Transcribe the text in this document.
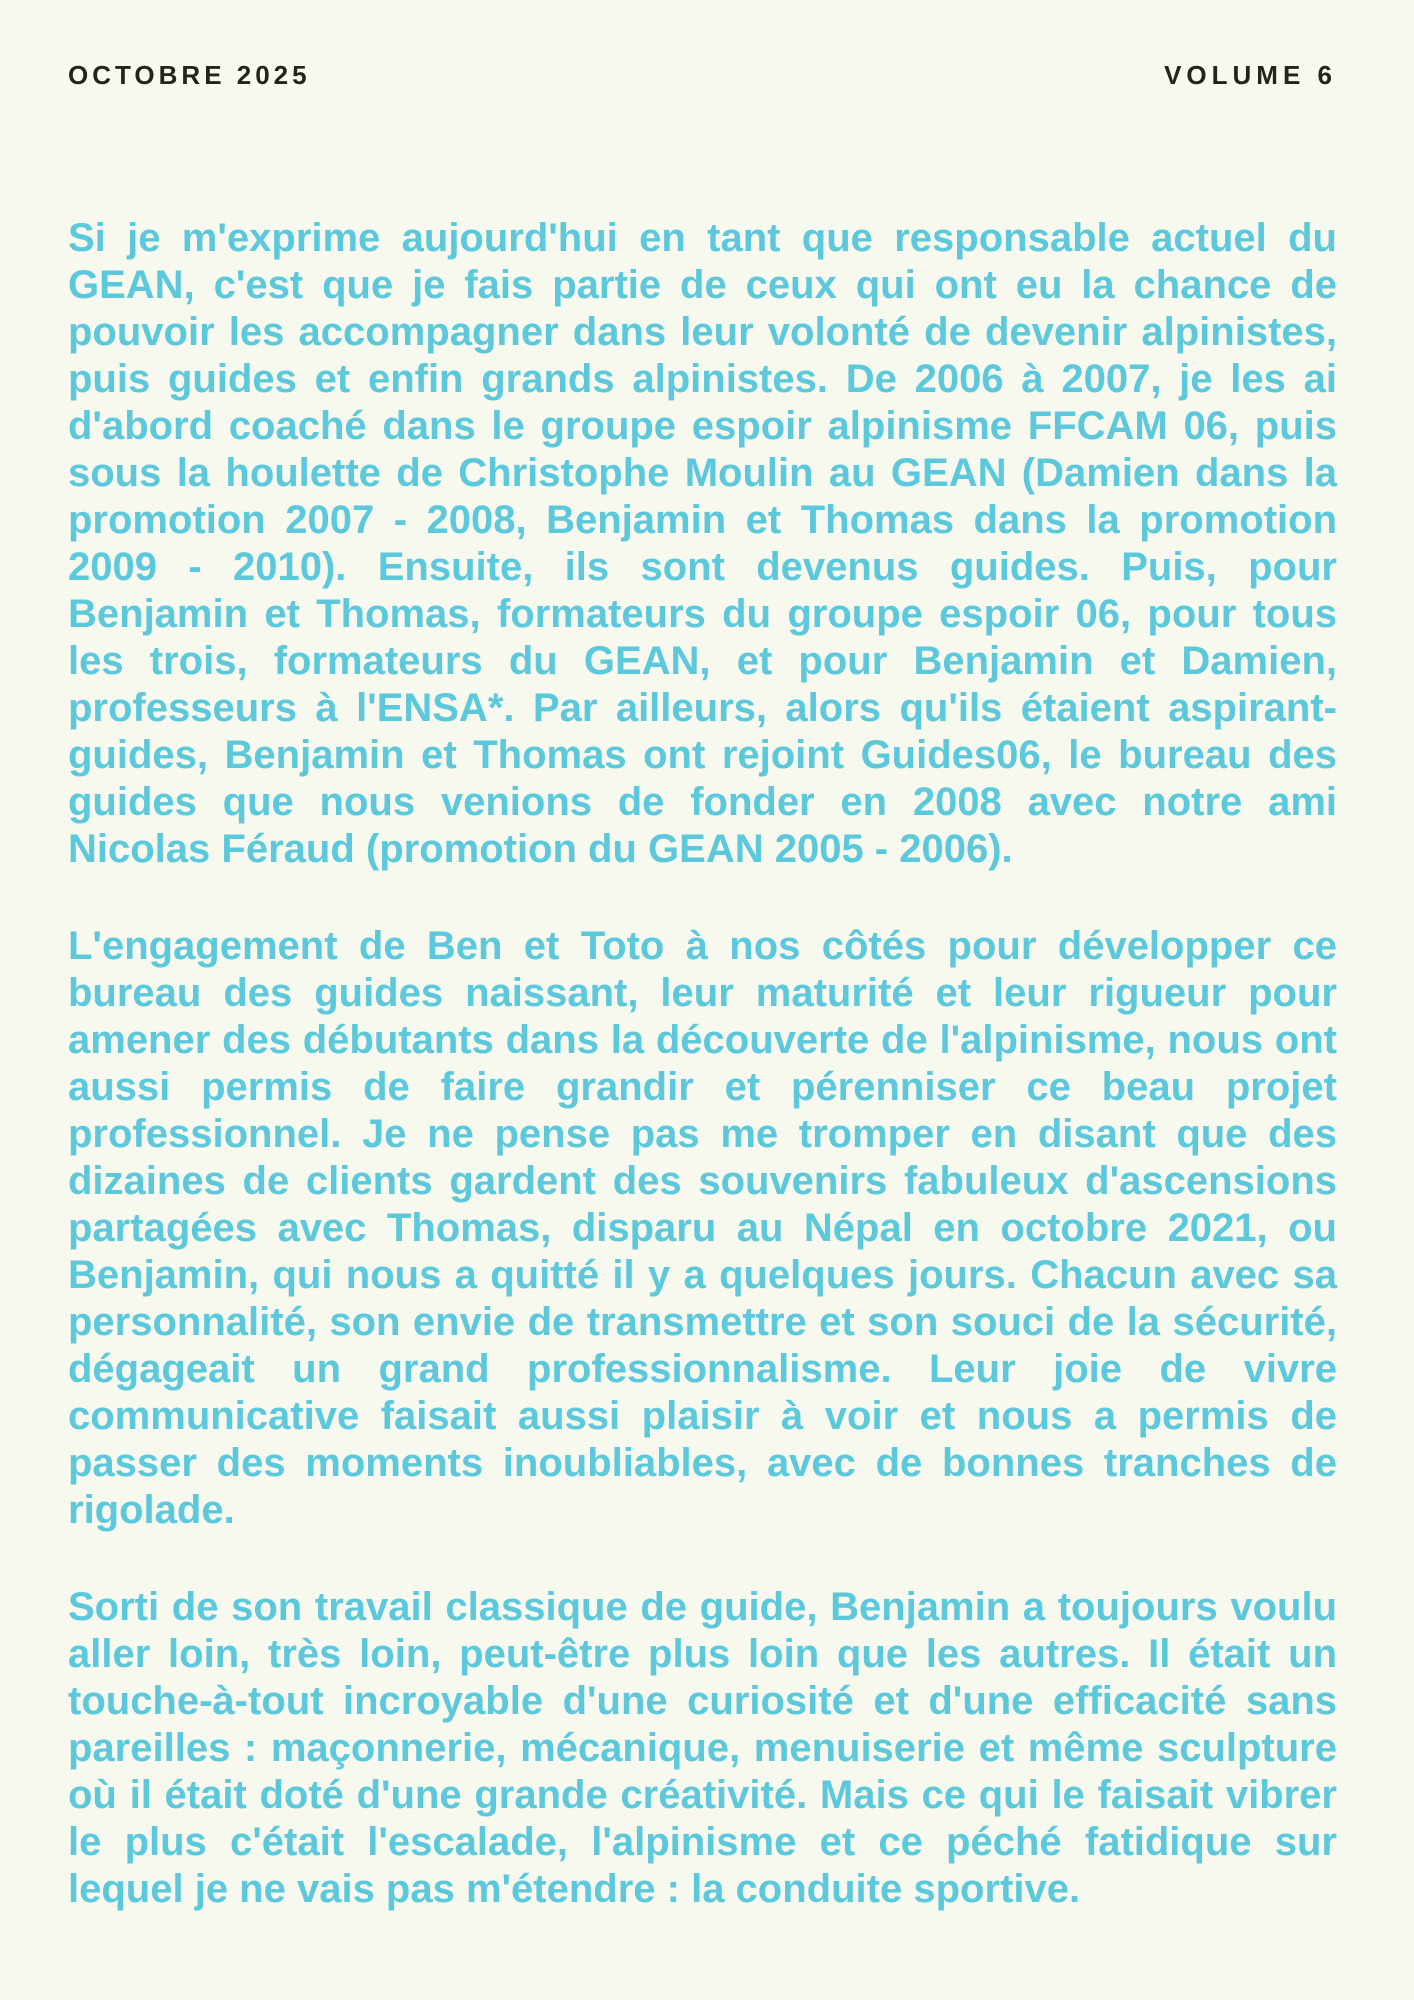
OCTOBRE 2025	VOLUME 6

Si je m'exprime aujourd'hui en tant que responsable actuel du GEAN, c'est que je fais partie de ceux qui ont eu la chance de pouvoir les accompagner dans leur volonté de devenir alpinistes, puis guides et enfin grands alpinistes. De 2006 à 2007, je les ai d'abord coaché dans le groupe espoir alpinisme FFCAM 06, puis sous la houlette de Christophe Moulin au GEAN (Damien dans la promotion 2007 - 2008, Benjamin et Thomas dans la promotion 2009 - 2010). Ensuite, ils sont devenus guides. Puis, pour Benjamin et Thomas, formateurs du groupe espoir 06, pour tous les trois, formateurs du GEAN, et pour Benjamin et Damien, professeurs à l'ENSA*. Par ailleurs, alors qu'ils étaient aspirant-guides, Benjamin et Thomas ont rejoint Guides06, le bureau des guides que nous venions de fonder en 2008 avec notre ami Nicolas Féraud (promotion du GEAN 2005 - 2006).

L'engagement de Ben et Toto à nos côtés pour développer ce bureau des guides naissant, leur maturité et leur rigueur pour amener des débutants dans la découverte de l'alpinisme, nous ont aussi permis de faire grandir et pérenniser ce beau projet professionnel. Je ne pense pas me tromper en disant que des dizaines de clients gardent des souvenirs fabuleux d'ascensions partagées avec Thomas, disparu au Népal en octobre 2021, ou Benjamin, qui nous a quitté il y a quelques jours. Chacun avec sa personnalité, son envie de transmettre et son souci de la sécurité, dégageait un grand professionnalisme. Leur joie de vivre communicative faisait aussi plaisir à voir et nous a permis de passer des moments inoubliables, avec de bonnes tranches de rigolade.

Sorti de son travail classique de guide, Benjamin a toujours voulu aller loin, très loin, peut-être plus loin que les autres. Il était un touche-à-tout incroyable d'une curiosité et d'une efficacité sans pareilles : maçonnerie, mécanique, menuiserie et même sculpture où il était doté d'une grande créativité. Mais ce qui le faisait vibrer le plus c'était l'escalade, l'alpinisme et ce péché fatidique sur lequel je ne vais pas m'étendre : la conduite sportive.
